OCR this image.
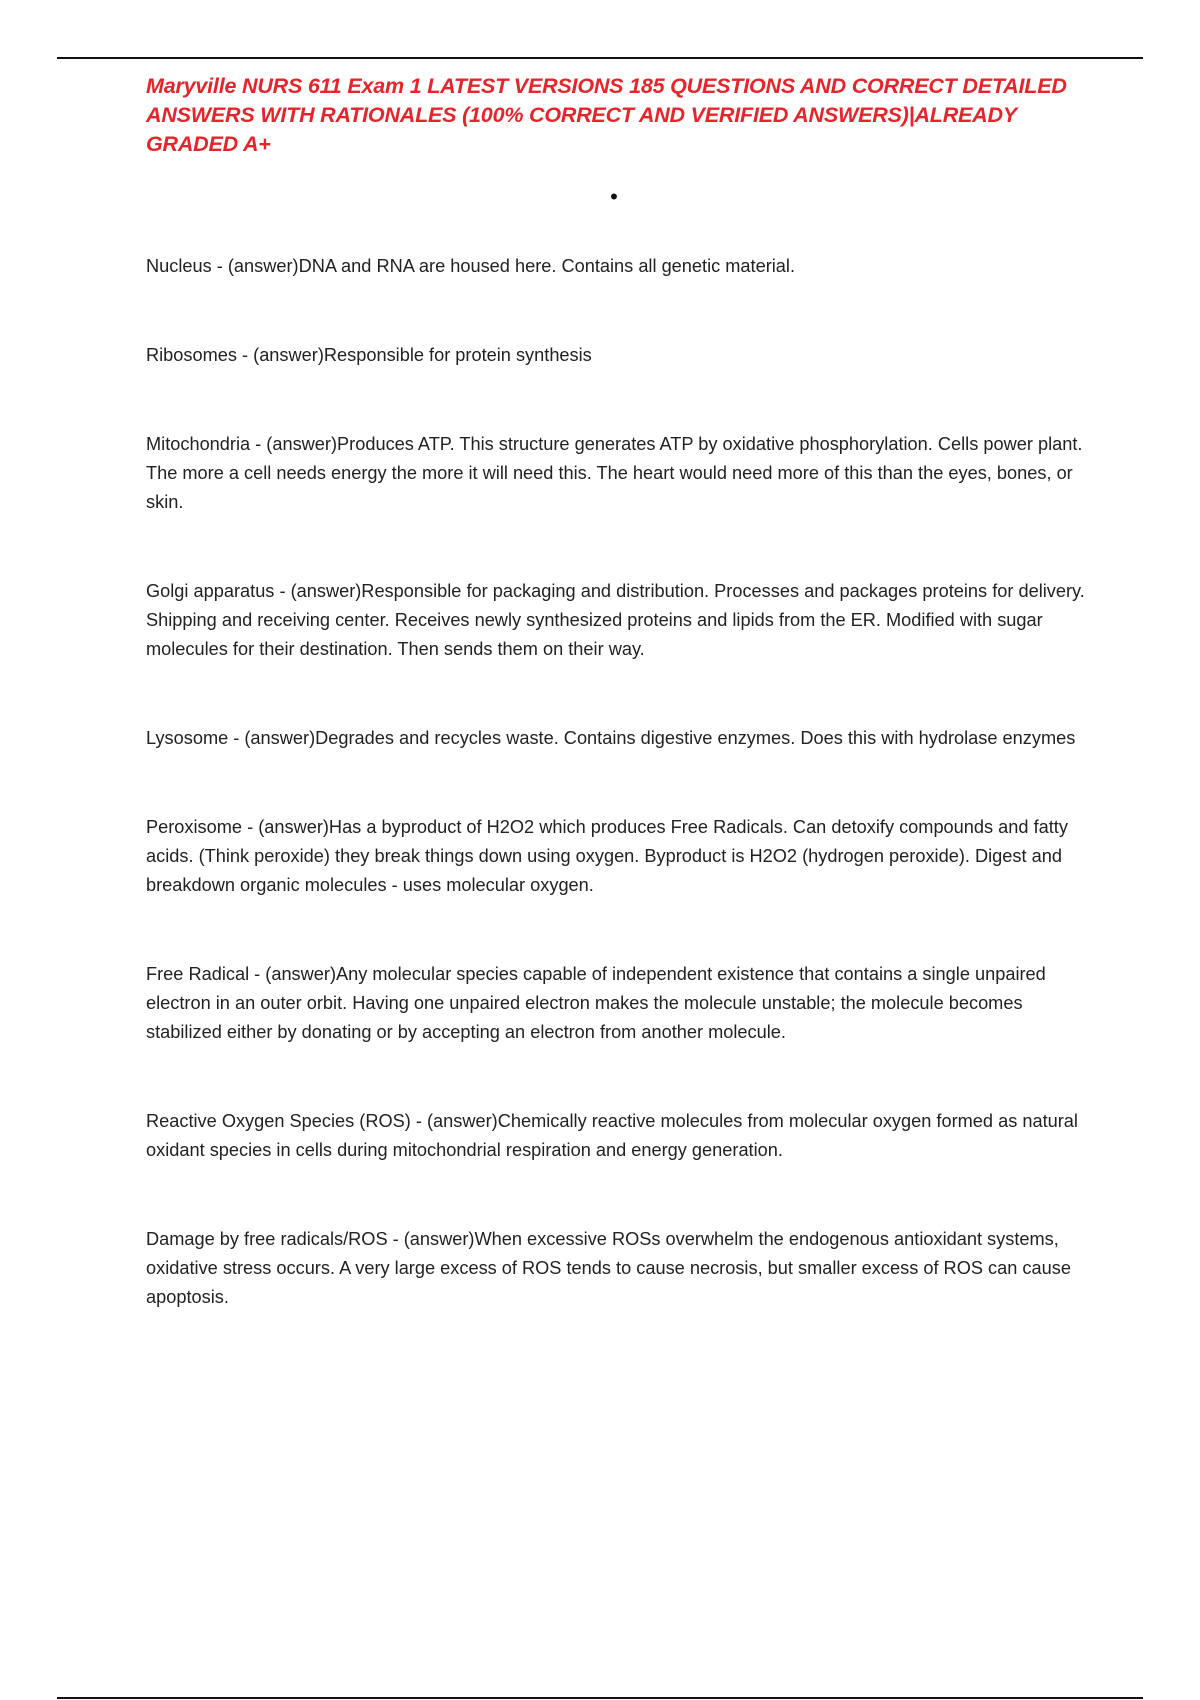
Maryville NURS 611 Exam 1 LATEST VERSIONS 185 QUESTIONS AND CORRECT DETAILED ANSWERS WITH RATIONALES (100% CORRECT AND VERIFIED ANSWERS)|ALREADY GRADED A+
•

Nucleus - (answer)DNA and RNA are housed here. Contains all genetic material.

Ribosomes - (answer)Responsible for protein synthesis

Mitochondria - (answer)Produces ATP. This structure generates ATP by oxidative phosphorylation. Cells power plant. The more a cell needs energy the more it will need this. The heart would need more of this than the eyes, bones, or skin.

Golgi apparatus - (answer)Responsible for packaging and distribution. Processes and packages proteins for delivery. Shipping and receiving center. Receives newly synthesized proteins and lipids from the ER. Modified with sugar molecules for their destination. Then sends them on their way.

Lysosome - (answer)Degrades and recycles waste. Contains digestive enzymes. Does this with hydrolase enzymes

Peroxisome - (answer)Has a byproduct of H2O2 which produces Free Radicals. Can detoxify compounds and fatty acids. (Think peroxide) they break things down using oxygen. Byproduct is H2O2 (hydrogen peroxide). Digest and breakdown organic molecules - uses molecular oxygen.

Free Radical - (answer)Any molecular species capable of independent existence that contains a single unpaired electron in an outer orbit. Having one unpaired electron makes the molecule unstable; the molecule becomes stabilized either by donating or by accepting an electron from another molecule.

Reactive Oxygen Species (ROS) - (answer)Chemically reactive molecules from molecular oxygen formed as natural oxidant species in cells during mitochondrial respiration and energy generation.

Damage by free radicals/ROS - (answer)When excessive ROSs overwhelm the endogenous antioxidant systems, oxidative stress occurs. A very large excess of ROS tends to cause necrosis, but smaller excess of ROS can cause apoptosis.
